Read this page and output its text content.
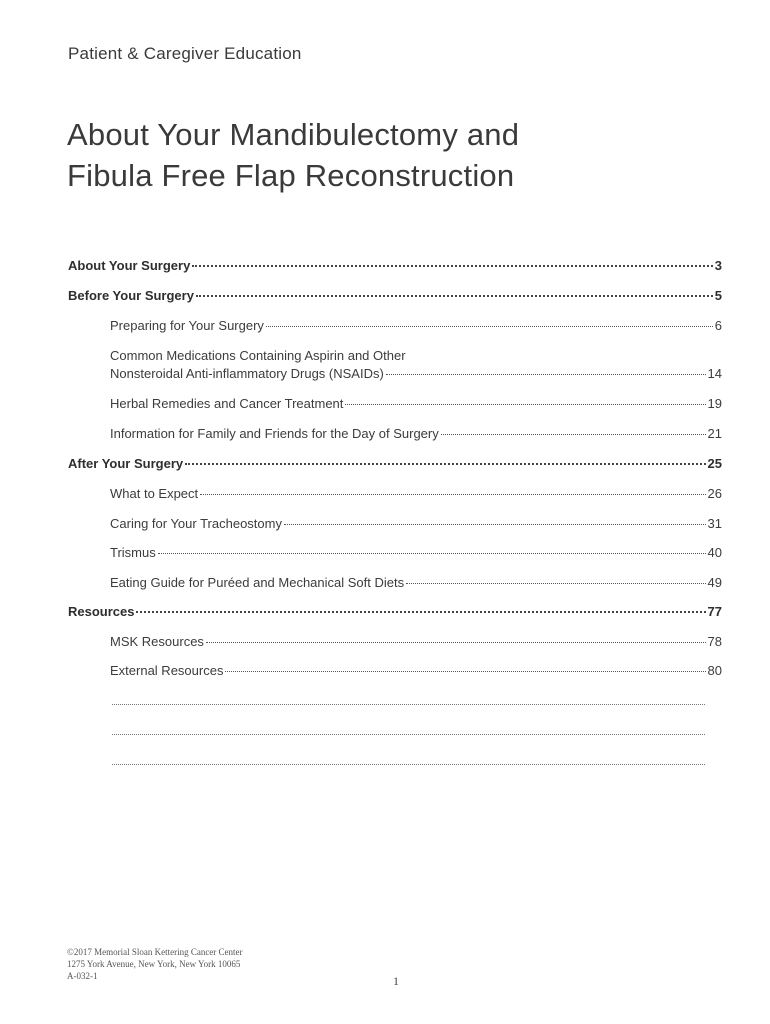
Patient & Caregiver Education
About Your Mandibulectomy and
Fibula Free Flap Reconstruction
About Your Surgery	3
Before Your Surgery	5
Preparing for Your Surgery	6
Common Medications Containing Aspirin and Other
Nonsteroidal Anti-inflammatory Drugs (NSAIDs)	14
Herbal Remedies and Cancer Treatment	19
Information for Family and Friends for the Day of Surgery	21
After Your Surgery	25
What to Expect	26
Caring for Your Tracheostomy	31
Trismus	40
Eating Guide for Puréed and Mechanical Soft Diets	49
Resources	77
MSK Resources	78
External Resources	80
©2017 Memorial Sloan Kettering Cancer Center
1275 York Avenue, New York, New York 10065
A-032-1	1
